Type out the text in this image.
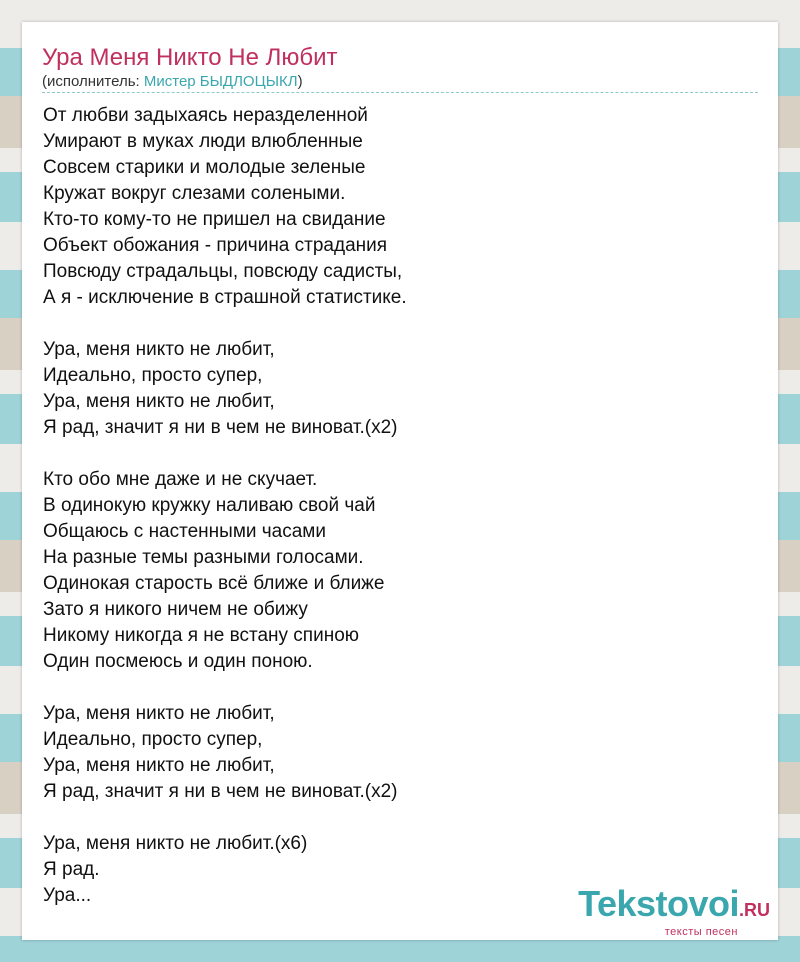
Ура Меня Никто Не Любит
(исполнитель: Мистер БЫДЛОЦЫКЛ)
От любви задыхаясь неразделенной
Умирают в муках люди влюбленные
Совсем старики и молодые зеленые
Кружат вокруг слезами солеными.
Кто-то кому-то не пришел на свидание
Объект обожания - причина страдания
Повсюду страдальцы, повсюду садисты,
А я - исключение в страшной статистике.
Ура, меня никто не любит,
Идеально, просто супер,
Ура, меня никто не любит,
Я рад, значит я ни в чем не виноват.(х2)
Кто обо мне даже и не скучает.
В одинокую кружку наливаю свой чай
Общаюсь с настенными часами
На разные темы разными голосами.
Одинокая старость всё ближе и ближе
Зато я никого ничем не обижу
Никому никогда я не встану спиною
Один посмеюсь и один поною.
Ура, меня никто не любит,
Идеально, просто супер,
Ура, меня никто не любит,
Я рад, значит я ни в чем не виноват.(х2)
Ура, меня никто не любит.(х6)
Я рад.
Ура...	Tekstovoi.RU
тексты песен
